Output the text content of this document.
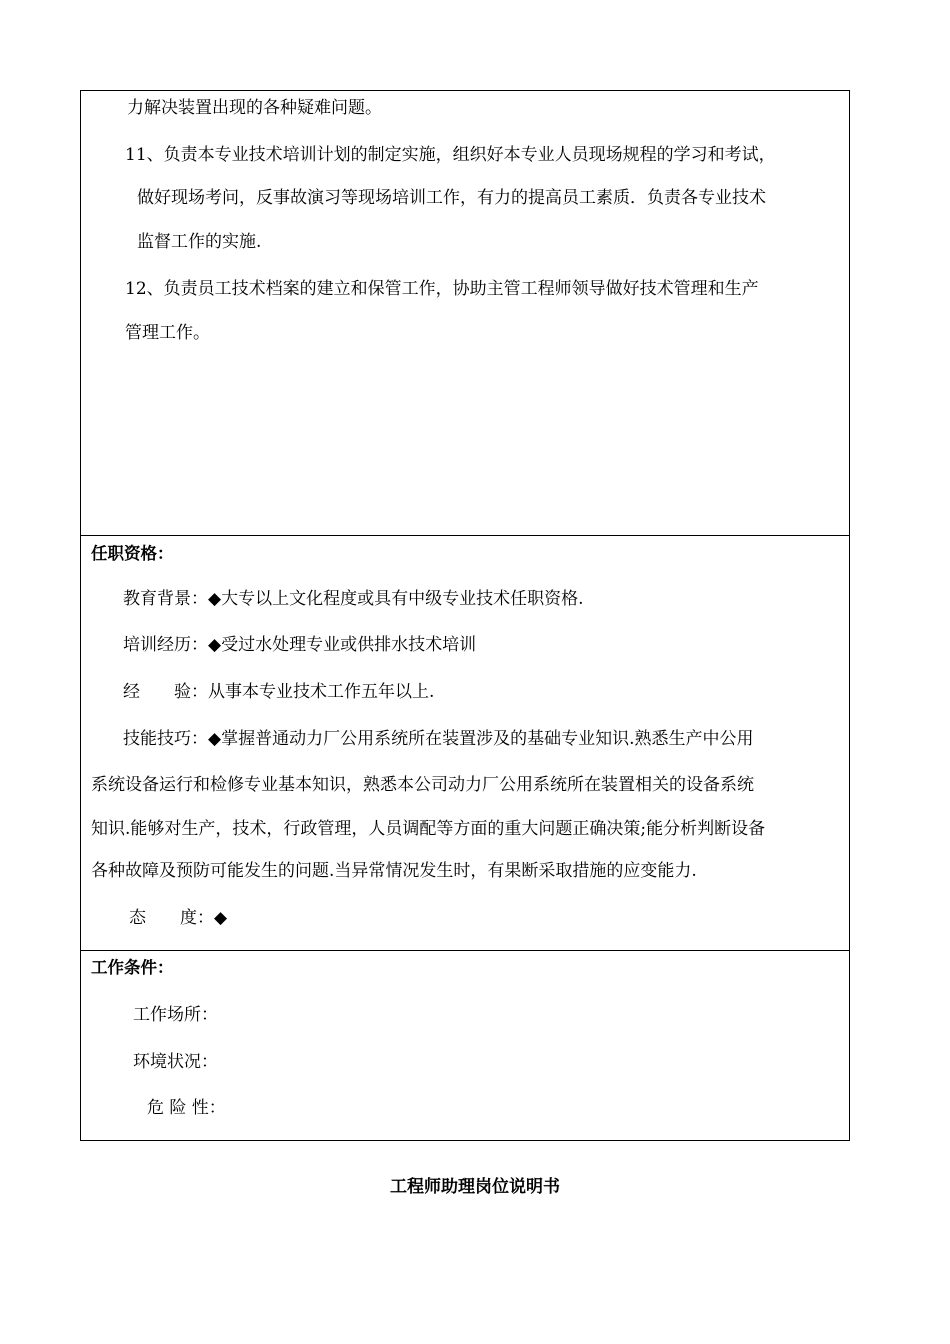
力解决装置出现的各种疑难问题。
11、负责本专业技术培训计划的制定实施，组织好本专业人员现场规程的学习和考试，
做好现场考问，反事故演习等现场培训工作，有力的提高员工素质．负责各专业技术
监督工作的实施.
12、负责员工技术档案的建立和保管工作，协助主管工程师领导做好技术管理和生产
管理工作。
任职资格：
教育背景：◆大专以上文化程度或具有中级专业技术任职资格.
培训经历：◆受过水处理专业或供排水技术培训
经　　验：从事本专业技术工作五年以上.
技能技巧：◆掌握普通动力厂公用系统所在装置涉及的基础专业知识.熟悉生产中公用
系统设备运行和检修专业基本知识，熟悉本公司动力厂公用系统所在装置相关的设备系统
知识.能够对生产，技术，行政管理，人员调配等方面的重大问题正确决策;能分析判断设备
各种故障及预防可能发生的问题.当异常情况发生时，有果断采取措施的应变能力.
态　　度：◆
工作条件：
工作场所：
环境状况：
危 险 性：
工程师助理岗位说明书
